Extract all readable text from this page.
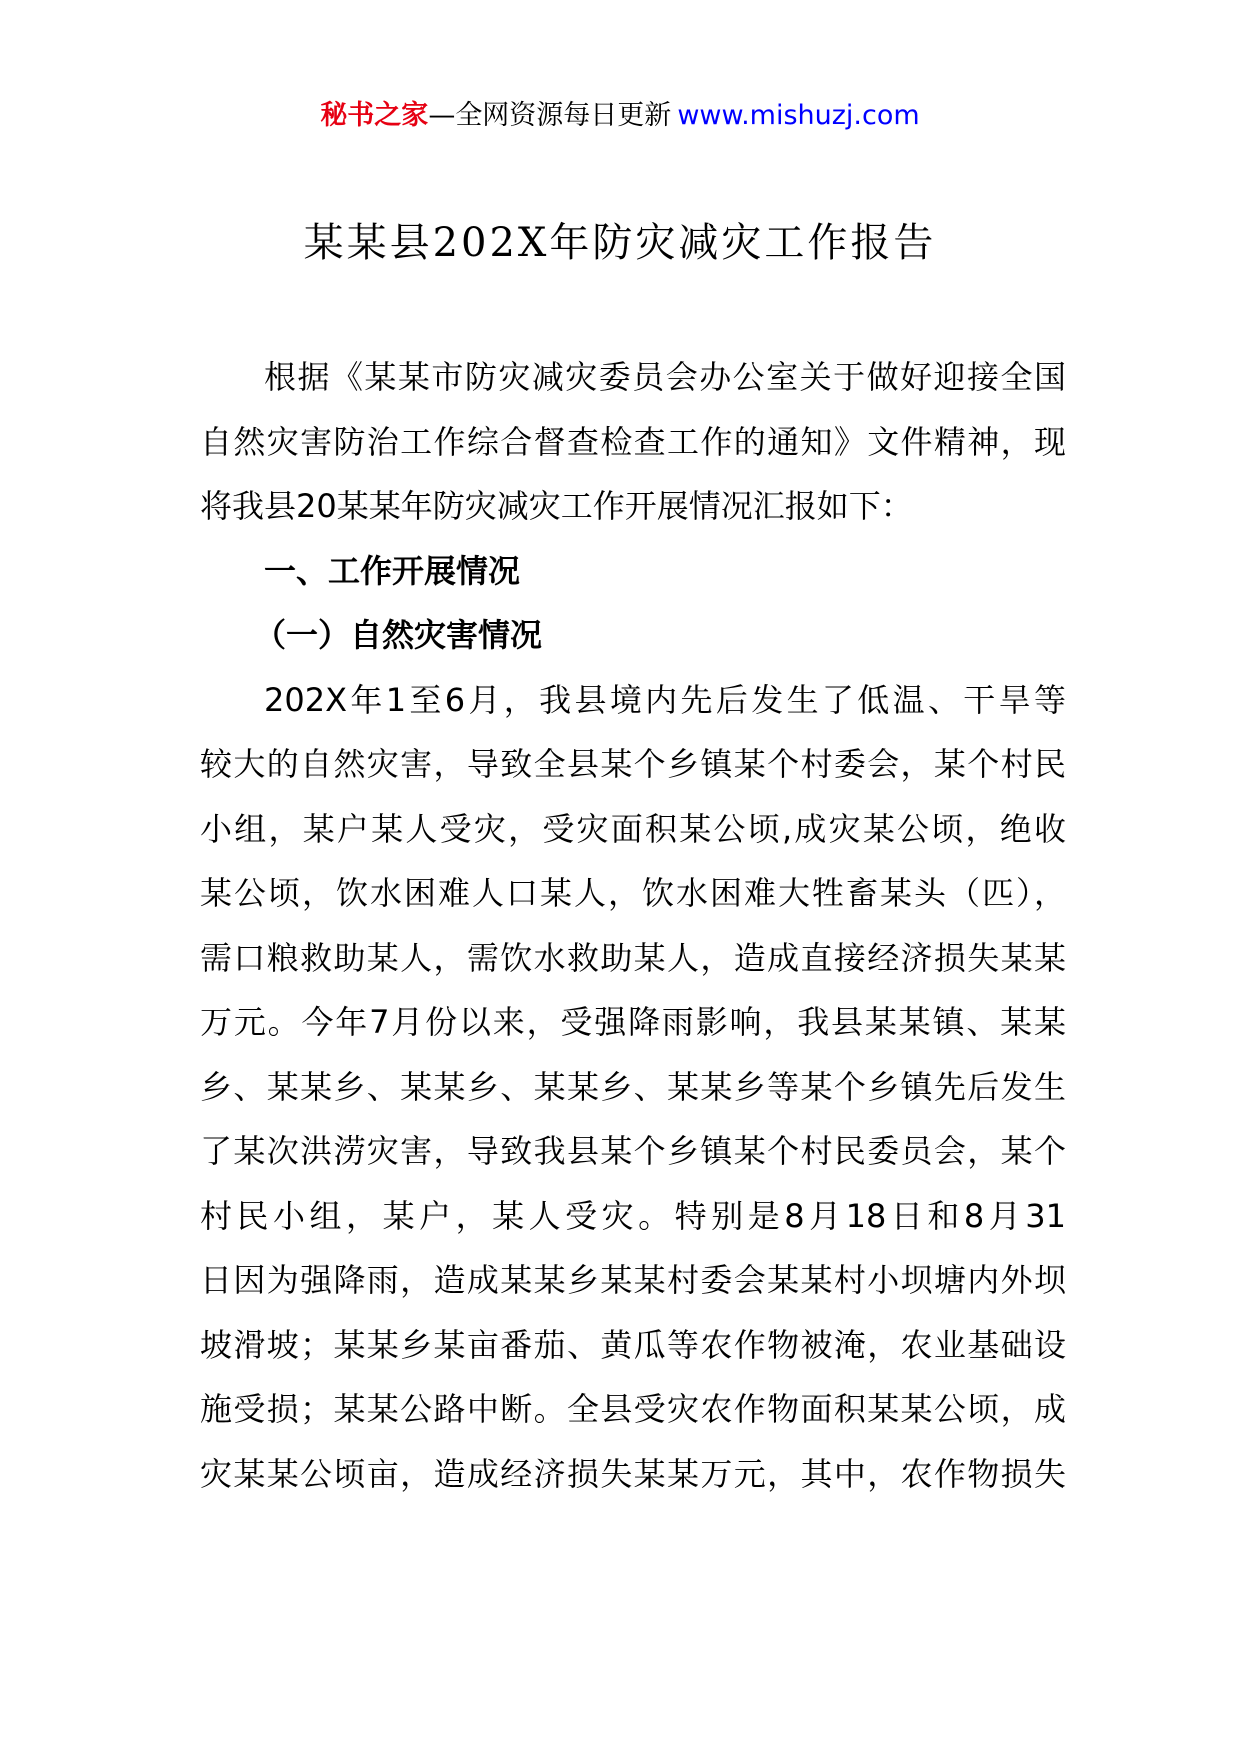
秘书之家—全网资源每日更新 www.mishuzj.com
某某县202X年防灾减灾工作报告
根据《某某市防灾减灾委员会办公室关于做好迎接全国
自然灾害防治工作综合督查检查工作的通知》文件精神，现
将我县20某某年防灾减灾工作开展情况汇报如下：
一、工作开展情况
（一）自然灾害情况
202X年1至6月，我县境内先后发生了低温、干旱等
较大的自然灾害，导致全县某个乡镇某个村委会，某个村民
小组，某户某人受灾，受灾面积某公顷,成灾某公顷，绝收
某公顷，饮水困难人口某人，饮水困难大牲畜某头（匹），
需口粮救助某人，需饮水救助某人，造成直接经济损失某某
万元。今年7月份以来，受强降雨影响，我县某某镇、某某
乡、某某乡、某某乡、某某乡、某某乡等某个乡镇先后发生
了某次洪涝灾害，导致我县某个乡镇某个村民委员会，某个
村民小组，某户，某人受灾。特别是8月18日和8月31
日因为强降雨，造成某某乡某某村委会某某村小坝塘内外坝
坡滑坡；某某乡某亩番茄、黄瓜等农作物被淹，农业基础设
施受损；某某公路中断。全县受灾农作物面积某某公顷，成
灾某某公顷亩，造成经济损失某某万元，其中，农作物损失
